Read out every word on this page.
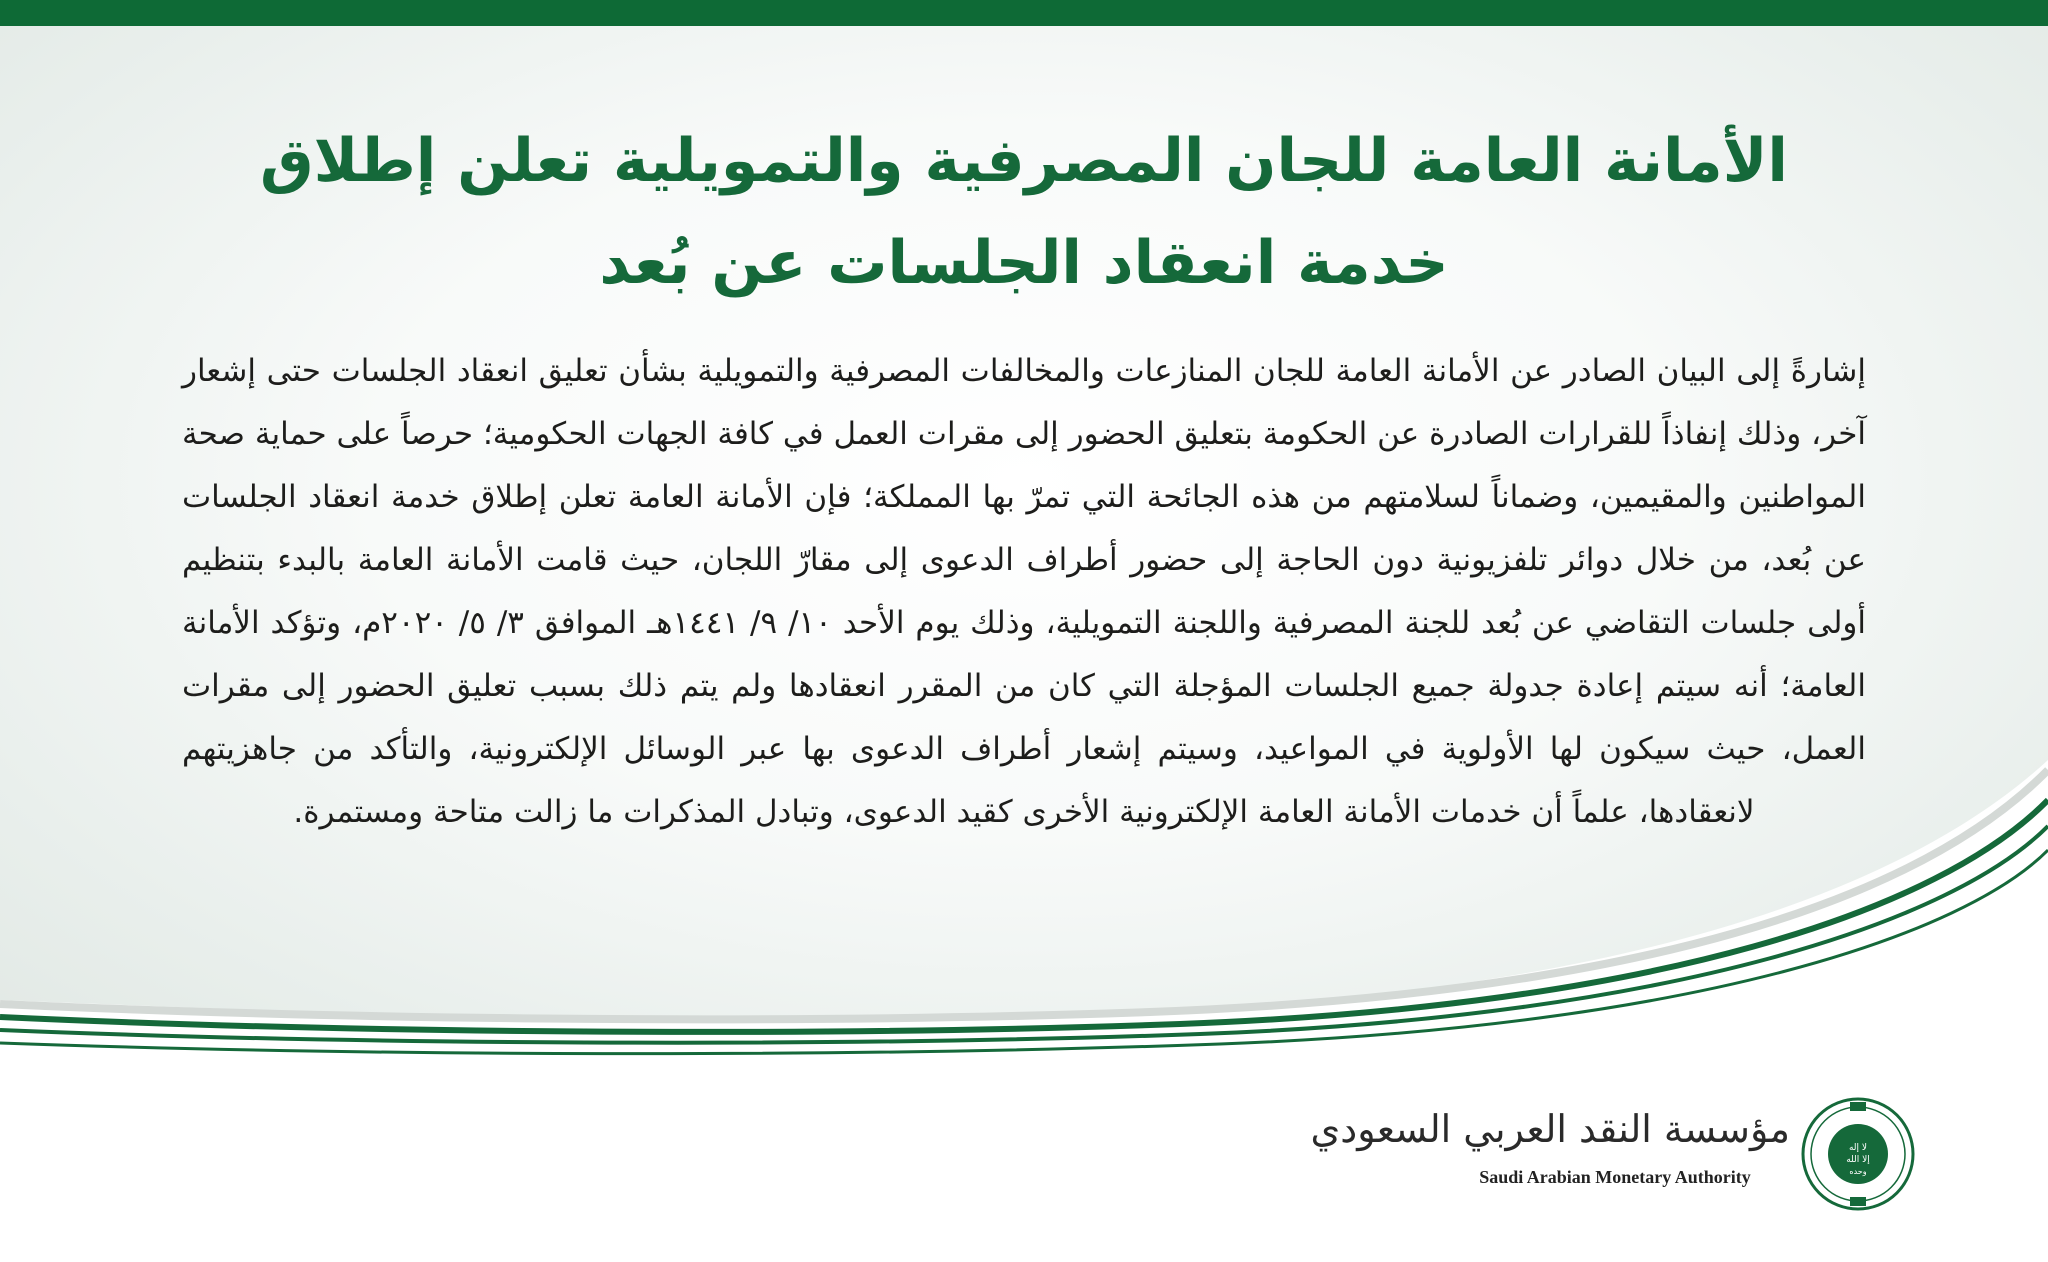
الأمانة العامة للجان المصرفية والتمويلية تعلن إطلاق
خدمة انعقاد الجلسات عن بُعد

إشارةً إلى البيان الصادر عن الأمانة العامة للجان المنازعات والمخالفات المصرفية والتمويلية بشأن تعليق انعقاد الجلسات حتى إشعار آخر، وذلك إنفاذاً للقرارات الصادرة عن الحكومة بتعليق الحضور إلى مقرات العمل في كافة الجهات الحكومية؛ حرصاً على حماية صحة المواطنين والمقيمين، وضماناً لسلامتهم من هذه الجائحة التي تمرّ بها المملكة؛ فإن الأمانة العامة تعلن إطلاق خدمة انعقاد الجلسات عن بُعد، من خلال دوائر تلفزيونية دون الحاجة إلى حضور أطراف الدعوى إلى مقارّ اللجان، حيث قامت الأمانة العامة بالبدء بتنظيم أولى جلسات التقاضي عن بُعد للجنة المصرفية واللجنة التمويلية، وذلك يوم الأحد ١٠/ ٩/ ١٤٤١هـ الموافق ٣/ ٥/ ٢٠٢٠م، وتؤكد الأمانة العامة؛ أنه سيتم إعادة جدولة جميع الجلسات المؤجلة التي كان من المقرر انعقادها ولم يتم ذلك بسبب تعليق الحضور إلى مقرات العمل، حيث سيكون لها الأولوية في المواعيد، وسيتم إشعار أطراف الدعوى بها عبر الوسائل الإلكترونية، والتأكد من جاهزيتهم لانعقادها، علماً أن خدمات الأمانة العامة الإلكترونية الأخرى كقيد الدعوى، وتبادل المذكرات ما زالت متاحة ومستمرة.

مؤسسة النقد العربي السعودي
Saudi Arabian Monetary Authority
لا إله
إلا الله
وحده
